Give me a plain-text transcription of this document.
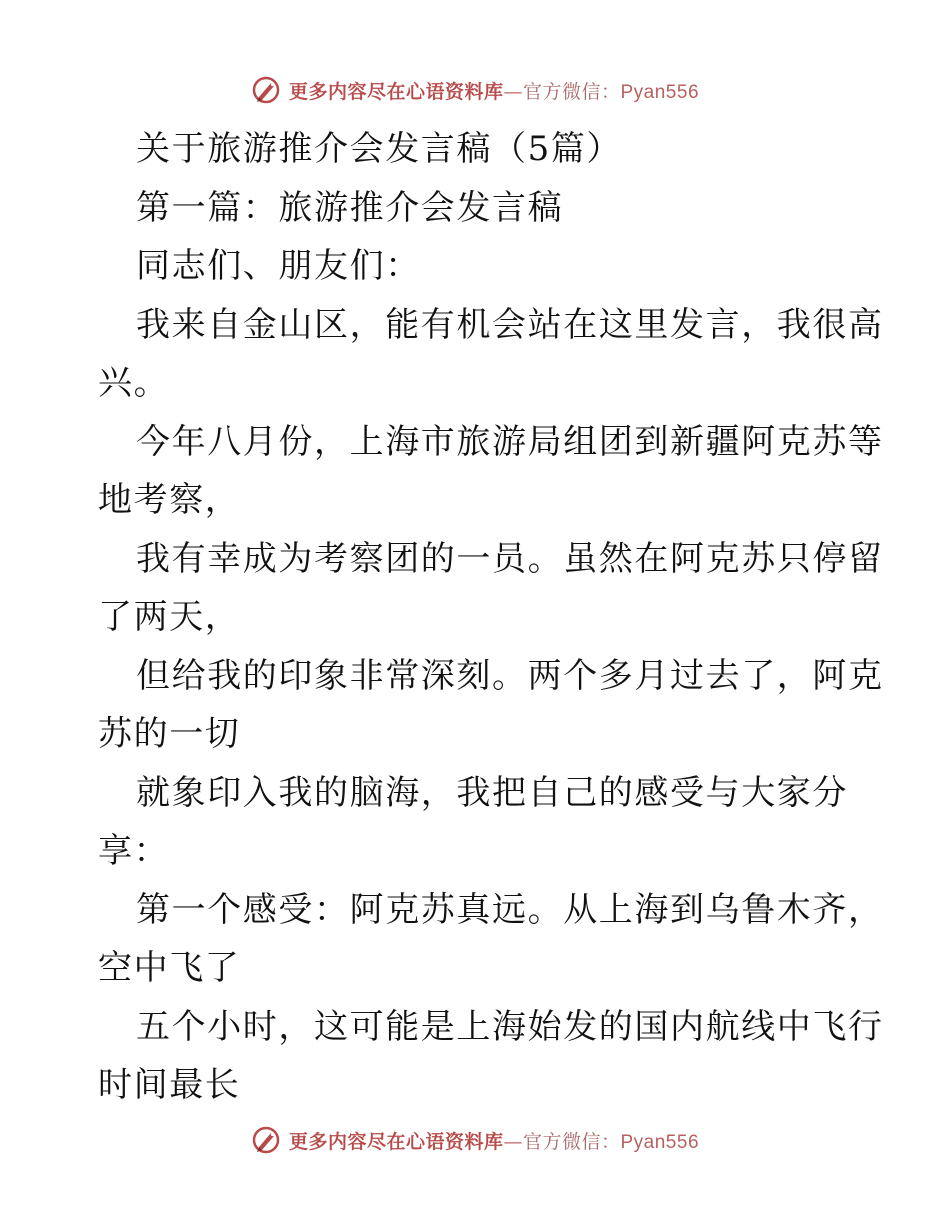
更多内容尽在心语资料库—官方微信：Pyan556
关于旅游推介会发言稿（5篇）
第一篇：旅游推介会发言稿
同志们、朋友们：
我来自金山区，能有机会站在这里发言，我很高
兴。
今年八月份，上海市旅游局组团到新疆阿克苏等
地考察，
我有幸成为考察团的一员。虽然在阿克苏只停留
了两天，
但给我的印象非常深刻。两个多月过去了，阿克
苏的一切
就象印入我的脑海，我把自己的感受与大家分
享：
第一个感受：阿克苏真远。从上海到乌鲁木齐，
空中飞了
五个小时，这可能是上海始发的国内航线中飞行
时间最长
更多内容尽在心语资料库—官方微信：Pyan556
